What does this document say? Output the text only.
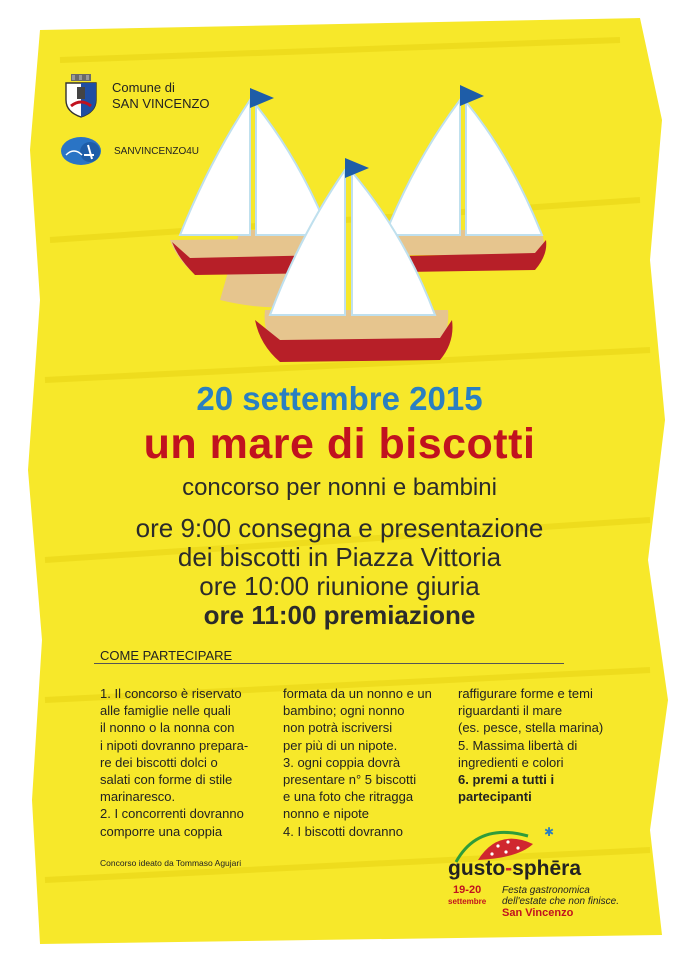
Comune di
SAN VINCENZO
SANVINCENZO4U
20 settembre 2015
un mare di biscotti
concorso per nonni e bambini
ore 9:00 consegna e presentazione
dei biscotti in Piazza Vittoria
ore 10:00 riunione giuria
ore 11:00 premiazione
COME PARTECIPARE

1. Il concorso è riservato

alle famiglie nelle quali

il nonno o la nonna con

i nipoti dovranno prepara-

re dei biscotti dolci o

salati con forme di stile

marinaresco.

2. I concorrenti dovranno

comporre una coppia

formata da un nonno e un

bambino; ogni nonno

non potrà iscriversi

per più di un nipote.

3. ogni coppia dovrà

presentare n° 5 biscotti

e una foto che ritragga

nonno e nipote

4. I biscotti dovranno

raffigurare forme e temi

riguardanti il mare

(es. pesce, stella marina)

5. Massima libertà di

ingredienti e colori

6. premi a tutti i

partecipanti

Concorso ideato da Tommaso Agujari
✱
gusto-sphēra
19-20
settembre
Festa gastronomica
dell'estate che non finisce.
San Vincenzo
